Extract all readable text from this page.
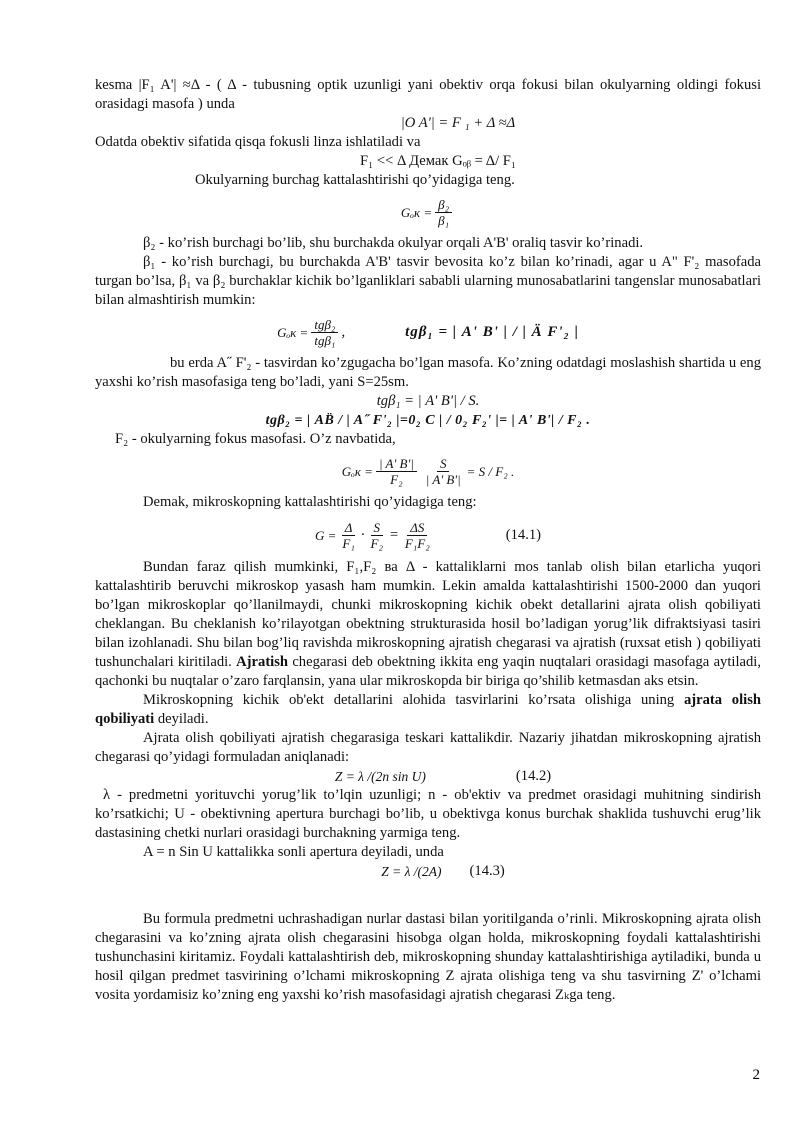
kesma |F₁ A'| ≈Δ - ( Δ - tubusning optik uzunligi yani obektiv orqa fokusi bilan okulyarning oldingi fokusi orasidagi masofa ) unda

|O A'| = F ₁ + Δ ≈Δ

Odatda obektiv sifatida qisqa fokusli linza ishlatiladi va

F₁ << Δ Демак Gₒᵦ = Δ/ F₁

Okulyarning burchag kattalashtirishi qo’yidagiga teng.

$G_oк = \frac{\text{β₂}}{\text{β₁}}$

β₂ - ko’rish burchagi bo’lib, shu burchakda okulyar orqali A'B' oraliq tasvir ko’rinadi.

β₁ - ko’rish burchagi, bu burchakda A'B' tasvir bevosita ko’z bilan ko’rinadi, agar u A" F'₂ masofada turgan bo’lsa, β₁ va β₂ burchaklar kichik bo’lganliklari sababli ularning munosabatlarini tangenslar munosabatlari bilan almashtirish mumkin:

$G_oк = \frac{\text{tgβ₂}}{\text{tgβ₁}}$ ,	tgβ₁ = | A' B' | / | Ä F'₂ |

bu erda A˝ F'₂ - tasvirdan ko’zgugacha bo’lgan masofa. Ko’zning odatdagi moslashish shartida u eng yaxshi ko’rish masofasiga teng bo’ladi, yani S=25sm.

tgβ₁ = | A' B'| / S.

tgβ₂ = | AB̈ / | A˝ F'₂ |=0₂ C | / 0₂ F₂' |= | A' B'| / F₂ .

F₂ - okulyarning fokus masofasi. O’z navbatida,

$G_oк = \frac{| A' B'|}{\text{F₂}} \frac{S}{| A' B'|} = S / F_2$ .

Demak, mikroskopning kattalashtirishi qo’yidagiga teng:

$G = \frac{\Delta}{\text{F₁}} \cdot \frac{S}{\text{F₂}} = \frac{\Delta S}{\text{F₁F₂}}$	(14.1)

Bundan faraz qilish mumkinki, F₁,F₂ ва Δ - kattaliklarni mos tanlab olish bilan etarlicha yuqori kattalashtirib beruvchi mikroskop yasash ham mumkin. Lekin amalda kattalashtirishi 1500-2000 dan yuqori bo’lgan mikroskoplar qo’llanilmaydi, chunki mikroskopning kichik obekt detallarini ajrata olish qobiliyati cheklangan. Bu cheklanish ko’rilayotgan obektning strukturasida hosil bo’ladigan yorug’lik difraktsiyasi tasiri bilan izohlanadi. Shu bilan bog’liq ravishda mikroskopning ajratish chegarasi va ajratish (ruxsat etish ) qobiliyati tushunchalari kiritiladi. Ajratish chegarasi deb obektning ikkita eng yaqin nuqtalari orasidagi masofaga aytiladi, qachonki bu nuqtalar o’zaro farqlansin, yana ular mikroskopda bir biriga qo’shilib ketmasdan aks etsin.

Mikroskopning kichik ob'ekt detallarini alohida tasvirlarini ko’rsata olishiga uning ajrata olish qobiliyati deyiladi.

Ajrata olish qobiliyati ajratish chegarasiga teskari kattalikdir. Nazariy jihatdan mikroskopning ajratish chegarasi qo’yidagi formuladan aniqlanadi:

Z = λ /(2n sin U)	(14.2)

λ - predmetni yorituvchi yorug’lik to’lqin uzunligi; n - ob'ektiv va predmet orasidagi muhitning sindirish ko’rsatkichi; U - obektivning apertura burchagi bo’lib, u obektivga konus burchak shaklida tushuvchi erug’lik dastasining chetki nurlari orasidagi burchakning yarmiga teng.

A = n Sin U kattalikka sonli apertura deyiladi, unda

Z = λ /(2A) (14.3)

Bu formula predmetni uchrashadigan nurlar dastasi bilan yoritilganda o’rinli. Mikroskopning ajrata olish chegarasini va ko’zning ajrata olish chegarasini hisobga olgan holda, mikroskopning foydali kattalashtirishi tushunchasini kiritamiz. Foydali kattalashtirish deb, mikroskopning shunday kattalashtirishiga aytiladiki, bunda u hosil qilgan predmet tasvirining o’lchami mikroskopning Z ajrata olishiga teng va shu tasvirning Z' o’lchami vosita yordamisiz ko’zning eng yaxshi ko’rish masofasidagi ajratish chegarasi Zₖga teng.

2
